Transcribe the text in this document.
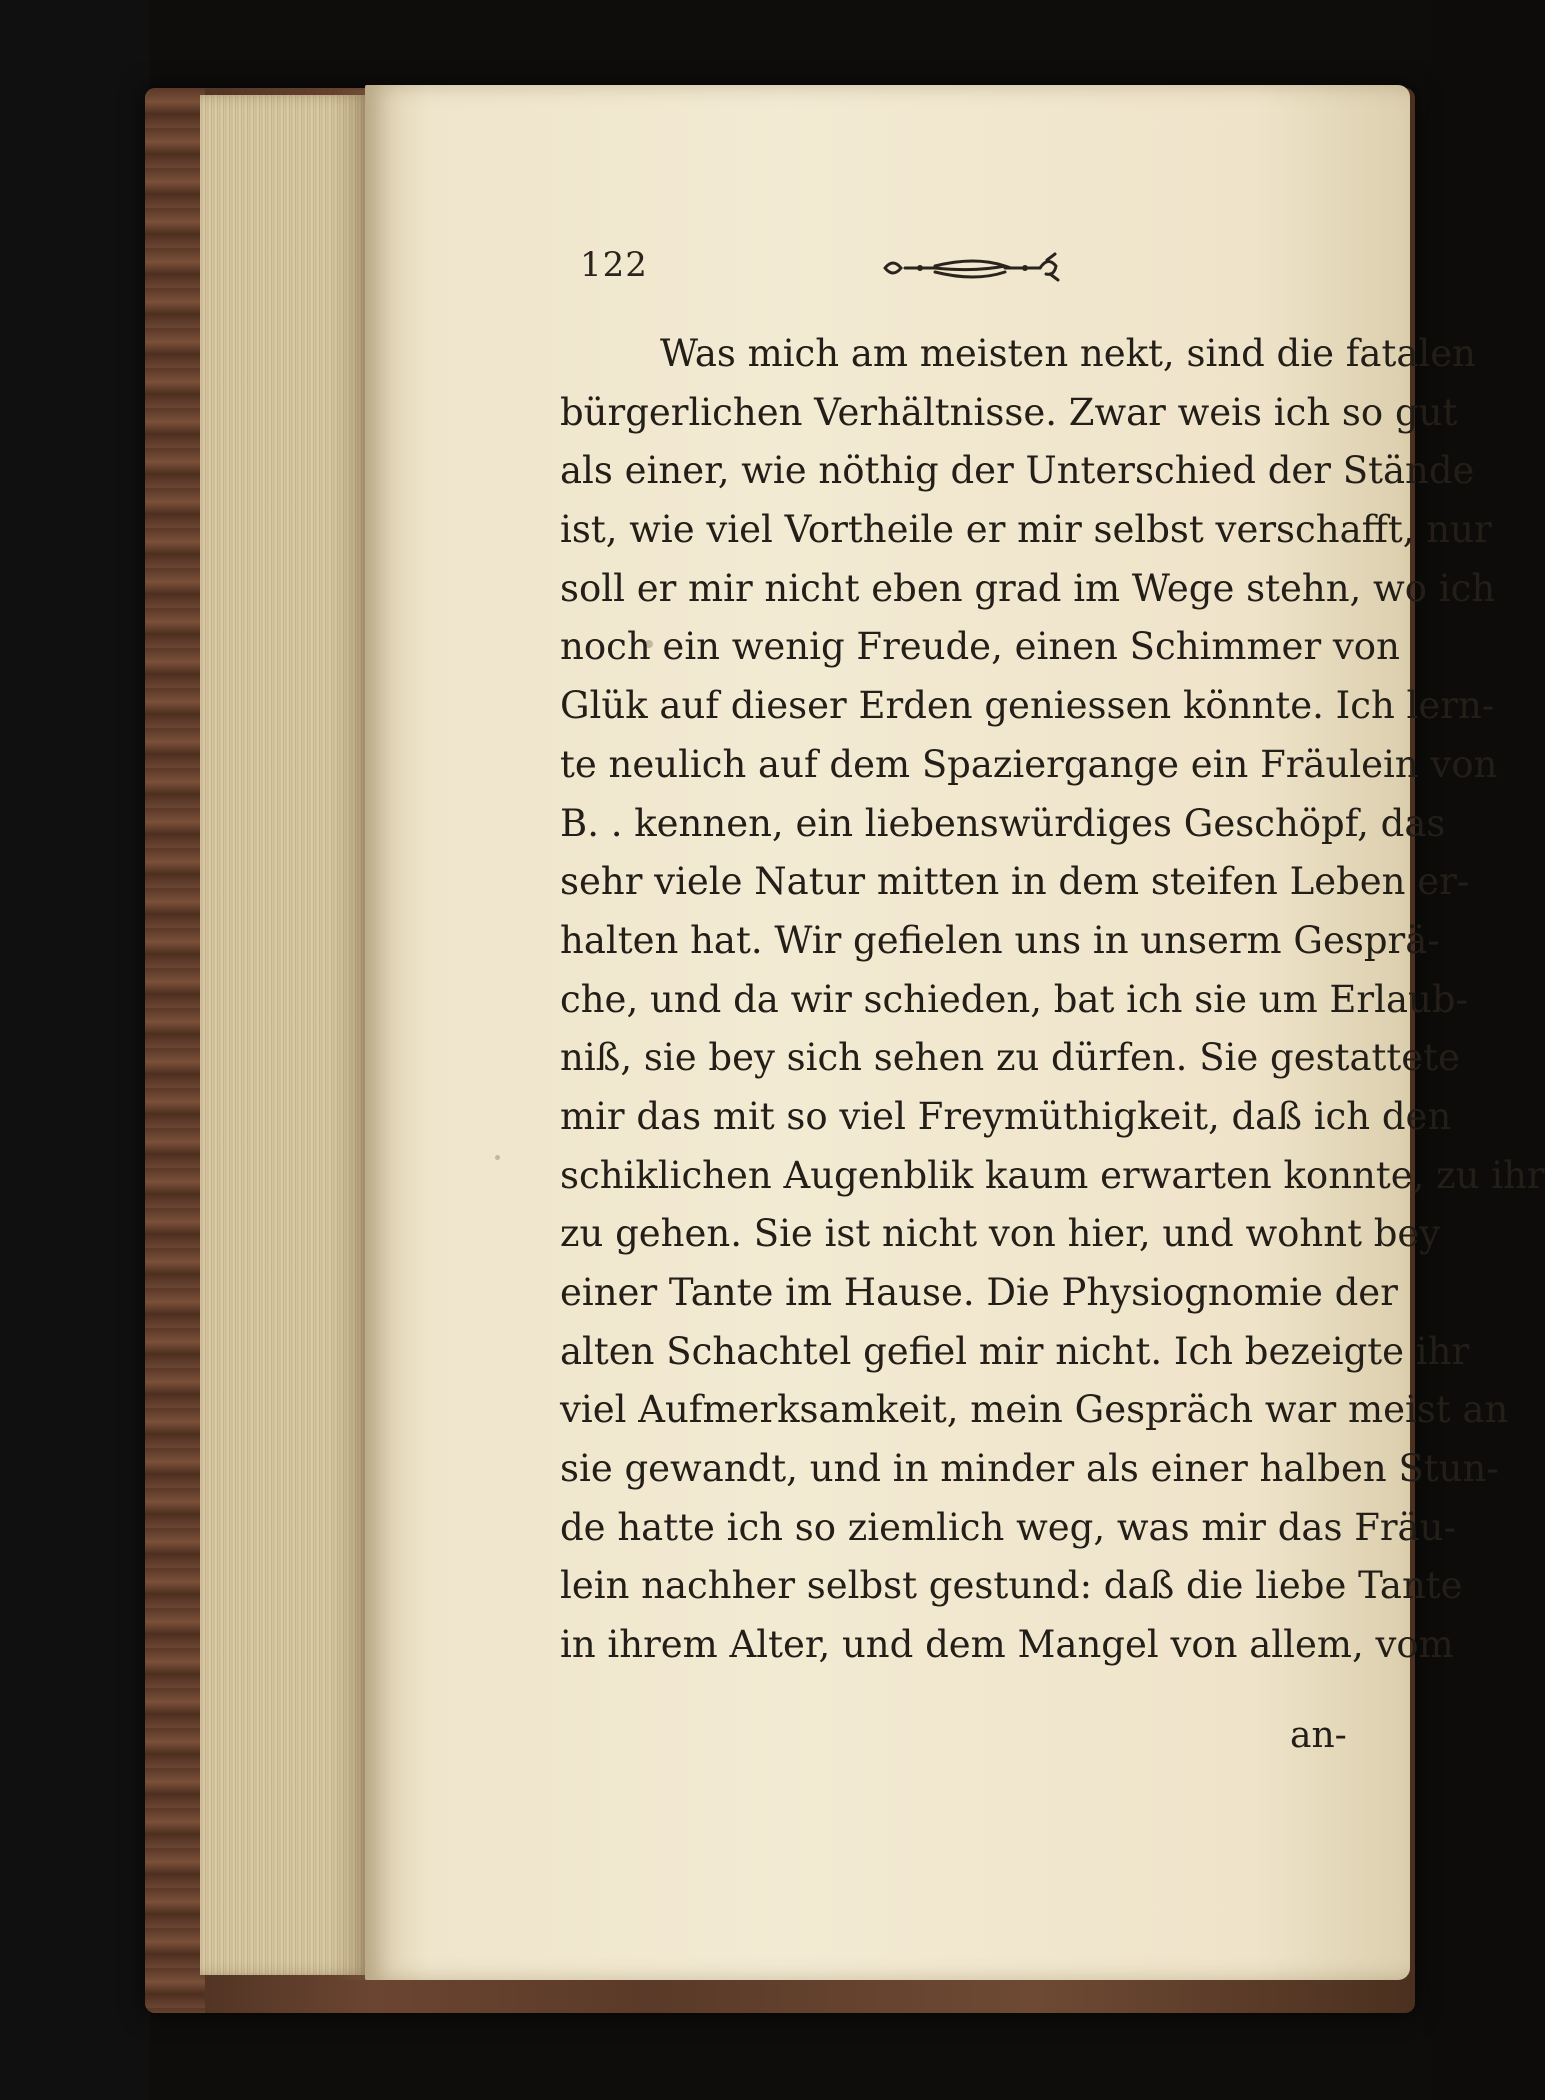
122
Was mich am meisten nekt, sind die fatalen
bürgerlichen Verhältnisse. Zwar weis ich so gut
als einer, wie nöthig der Unterschied der Stände
ist, wie viel Vortheile er mir selbst verschafft, nur
soll er mir nicht eben grad im Wege stehn, wo ich
noch ein wenig Freude, einen Schimmer von
Glük auf dieser Erden geniessen könnte. Ich lern-
te neulich auf dem Spaziergange ein Fräulein von
B. . kennen, ein liebenswürdiges Geschöpf, das
sehr viele Natur mitten in dem steifen Leben er-
halten hat. Wir gefielen uns in unserm Gesprä-
che, und da wir schieden, bat ich sie um Erlaub-
niß, sie bey sich sehen zu dürfen. Sie gestattete
mir das mit so viel Freymüthigkeit, daß ich den
schiklichen Augenblik kaum erwarten konnte, zu ihr
zu gehen. Sie ist nicht von hier, und wohnt bey
einer Tante im Hause. Die Physiognomie der
alten Schachtel gefiel mir nicht. Ich bezeigte ihr
viel Aufmerksamkeit, mein Gespräch war meist an
sie gewandt, und in minder als einer halben Stun-
de hatte ich so ziemlich weg, was mir das Fräu-
lein nachher selbst gestund: daß die liebe Tante
in ihrem Alter, und dem Mangel von allem, vom
an-
